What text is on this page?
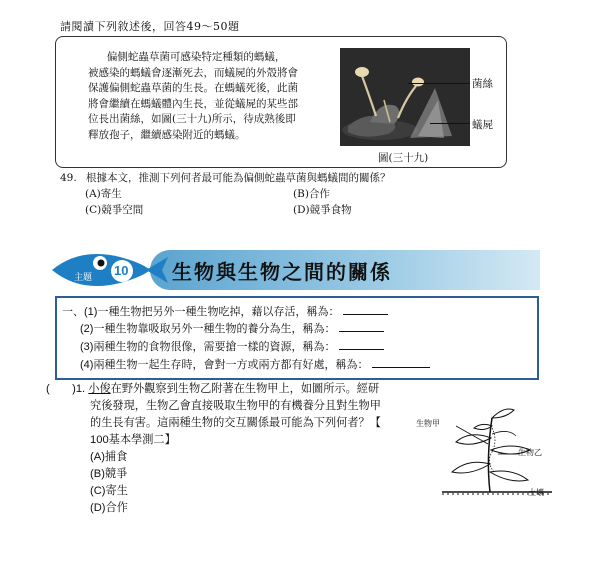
請閱讀下列敘述後，回答49～50題
偏側蛇蟲草菌可感染特定種類的螞蟻，
被感染的螞蟻會逐漸死去，而蟻屍的外殼將會
保護偏側蛇蟲草菌的生長。在螞蟻死後，此菌
將會繼續在螞蟻體內生長，並從蟻屍的某些部
位長出菌絲，如圖(三十九)所示，待成熟後即
釋放孢子，繼續感染附近的螞蟻。
菌絲
蟻屍
圖(三十九)
49. 根據本文，推測下列何者最可能為偏側蛇蟲草菌與螞蟻間的關係？
(A)寄生	(B)合作
(C)競爭空間	(D)競爭食物
主題 10 生物與生物之間的關係
一、(1)一種生物把另外一種生物吃掉，藉以存活，稱為：
(2)一種生物靠吸取另外一種生物的養分為生，稱為：
(3)兩種生物的食物很像，需要搶一樣的資源，稱為：
(4)兩種生物一起生存時，會對一方或兩方都有好處，稱為：
(　　)1. 小俊在野外觀察到生物乙附著在生物甲上，如圖所示。經研
究後發現，生物乙會直接吸取生物甲的有機養分且對生物甲
的生長有害。這兩種生物的交互關係最可能為下列何者？【
100基本學測二】
(A)捕食
(B)競爭
(C)寄生
(D)合作
生物甲
生物乙
土壤
